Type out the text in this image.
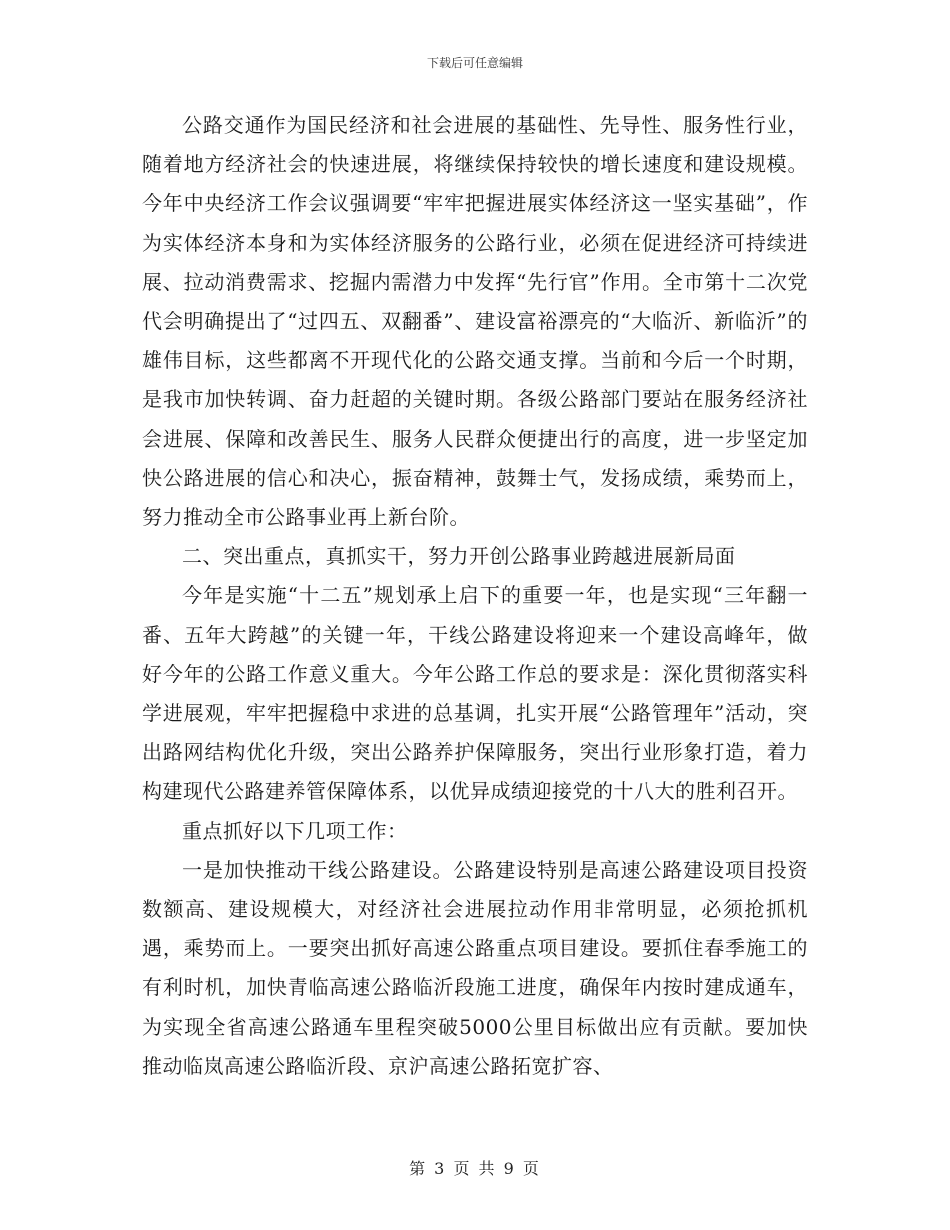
下载后可任意编辑

公路交通作为国民经济和社会进展的基础性、先导性、服务性行业，随着地方经济社会的快速进展，将继续保持较快的增长速度和建设规模。今年中央经济工作会议强调要“牢牢把握进展实体经济这一坚实基础”，作为实体经济本身和为实体经济服务的公路行业，必须在促进经济可持续进展、拉动消费需求、挖掘内需潜力中发挥“先行官”作用。全市第十二次党代会明确提出了“过四五、双翻番”、建设富裕漂亮的“大临沂、新临沂”的雄伟目标，这些都离不开现代化的公路交通支撑。当前和今后一个时期，是我市加快转调、奋力赶超的关键时期。各级公路部门要站在服务经济社会进展、保障和改善民生、服务人民群众便捷出行的高度，进一步坚定加快公路进展的信心和决心，振奋精神，鼓舞士气，发扬成绩，乘势而上，努力推动全市公路事业再上新台阶。

二、突出重点，真抓实干，努力开创公路事业跨越进展新局面

今年是实施“十二五”规划承上启下的重要一年，也是实现“三年翻一番、五年大跨越”的关键一年，干线公路建设将迎来一个建设高峰年，做好今年的公路工作意义重大。今年公路工作总的要求是：深化贯彻落实科学进展观，牢牢把握稳中求进的总基调，扎实开展“公路管理年”活动，突出路网结构优化升级，突出公路养护保障服务，突出行业形象打造，着力构建现代公路建养管保障体系，以优异成绩迎接党的十八大的胜利召开。

重点抓好以下几项工作：

一是加快推动干线公路建设。公路建设特别是高速公路建设项目投资数额高、建设规模大，对经济社会进展拉动作用非常明显，必须抢抓机遇，乘势而上。一要突出抓好高速公路重点项目建设。要抓住春季施工的有利时机，加快青临高速公路临沂段施工进度，确保年内按时建成通车，为实现全省高速公路通车里程突破5000公里目标做出应有贡献。要加快推动临岚高速公路临沂段、京沪高速公路拓宽扩容、

第 3 页 共 9 页
